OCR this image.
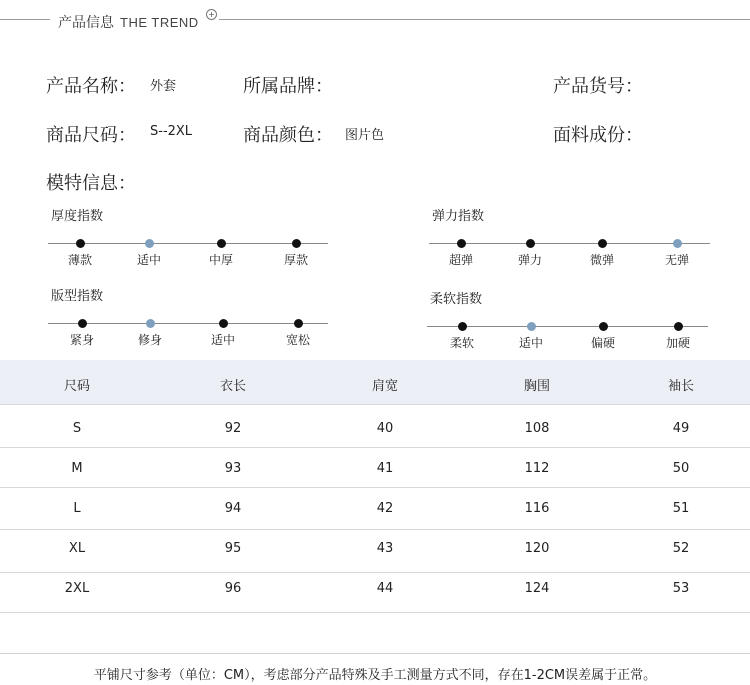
产品信息 THE TREND
+
产品名称： 外套	所属品牌：	产品货号：
商品尺码： S--2XL	商品颜色： 图片色	面料成份：
模特信息：
平铺尺寸参考（单位：CM），考虑部分产品特殊及手工测量方式不同，存在1-2CM误差属于正常。
厚度指数
薄款	适中	中厚	厚款
弹力指数
超弹	弹力	微弹	无弹
版型指数
紧身	修身	适中	宽松
柔软指数
柔软	适中	偏硬	加硬
尺码	衣长	肩宽	胸围	袖长
S	92	40	108	49
M	93	41	112	50
L	94	42	116	51
XL	95	43	120	52
2XL	96	44	124	53
